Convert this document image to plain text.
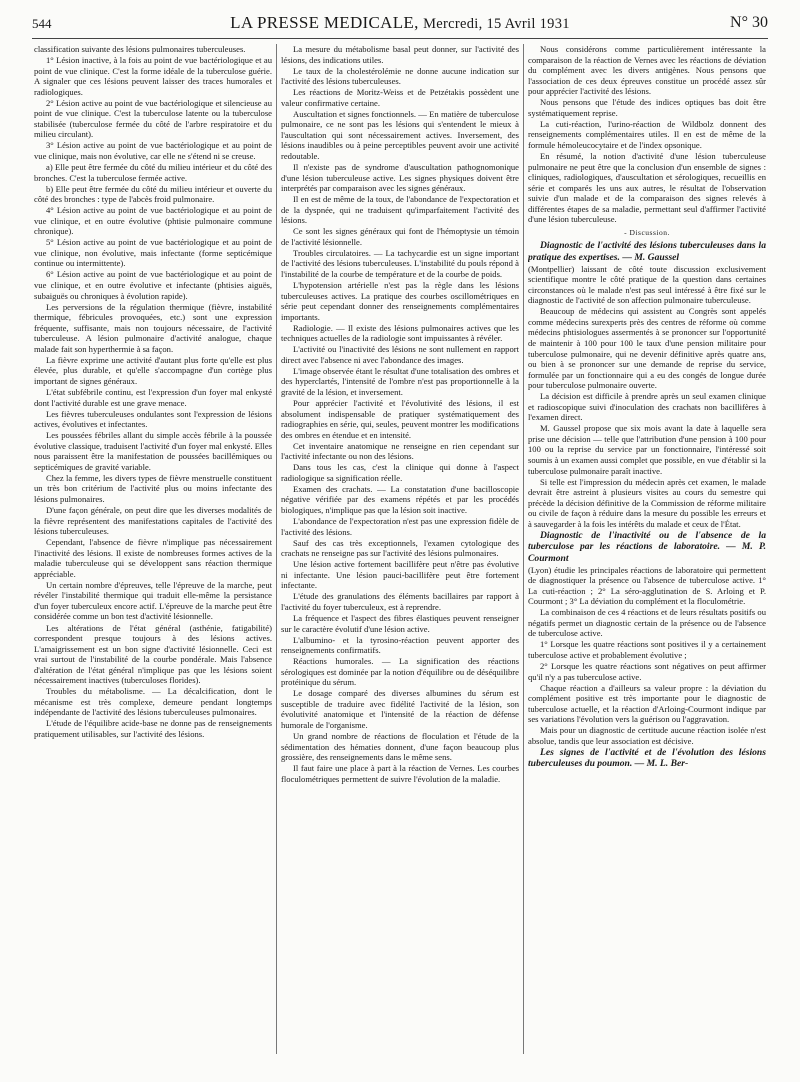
544	LA PRESSE MEDICALE, Mercredi, 15 Avril 1931	N° 30

classification suivante des lésions pulmonaires tuberculeuses.

1° Lésion inactive, à la fois au point de vue bactériologique et au point de vue clinique. C'est la forme idéale de la tuberculose guérie. A signaler que ces lésions peuvent laisser des traces humorales et radiologiques.

2° Lésion active au point de vue bactériologique et silencieuse au point de vue clinique. C'est la tuberculose latente ou la tuberculose stabilisée (tuberculose fermée du côté de l'arbre respiratoire et du milieu circulant).

3° Lésion active au point de vue bactériologique et au point de vue clinique, mais non évolutive, car elle ne s'étend ni se creuse.

a) Elle peut être fermée du côté du milieu intérieur et du côté des bronches. C'est la tuberculose fermée active.

b) Elle peut être fermée du côté du milieu intérieur et ouverte du côté des bronches : type de l'abcès froid pulmonaire.

4° Lésion active au point de vue bactériologique et au point de vue clinique, et en outre évolutive (phtisie pulmonaire commune chronique).

5° Lésion active au point de vue bactériologique et au point de vue clinique, non évolutive, mais infectante (forme septicémique continue ou intermittente).

6° Lésion active au point de vue bactériologique et au point de vue clinique, et en outre évolutive et infectante (phtisies aiguës, subaiguës ou chroniques à évolution rapide).

Les perversions de la régulation thermique (fièvre, instabilité thermique, fébricules provoquées, etc.) sont une expression fréquente, suffisante, mais non toujours nécessaire, de l'activité tuberculeuse. A lésion pulmonaire d'activité analogue, chaque malade fait son hyperthermie à sa façon.

La fièvre exprime une activité d'autant plus forte qu'elle est plus élevée, plus durable, et qu'elle s'accompagne d'un cortège plus important de signes généraux.

L'état subfébrile continu, est l'expression d'un foyer mal enkysté dont l'activité durable est une grave menace.

Les fièvres tuberculeuses ondulantes sont l'expression de lésions actives, évolutives et infectantes.

Les poussées fébriles allant du simple accès fébrile à la poussée évolutive classique, traduisent l'activité d'un foyer mal enkysté. Elles nous paraissent être la manifestation de poussées bacillémiques ou septicémiques de gravité variable.

Chez la femme, les divers types de fièvre menstruelle constituent un très bon critérium de l'activité plus ou moins infectante des lésions pulmonaires.

D'une façon générale, on peut dire que les diverses modalités de la fièvre représentent des manifestations capitales de l'activité des lésions tuberculeuses.

Cependant, l'absence de fièvre n'implique pas nécessairement l'inactivité des lésions. Il existe de nombreuses formes actives de la maladie tuberculeuse qui se développent sans réaction thermique appréciable.

Un certain nombre d'épreuves, telle l'épreuve de la marche, peut révéler l'instabilité thermique qui traduit elle-même la persistance d'un foyer tuberculeux encore actif. L'épreuve de la marche peut être considérée comme un bon test d'activité lésionnelle.

Les altérations de l'état général (asthénie, fatigabilité) correspondent presque toujours à des lésions actives. L'amaigrissement est un bon signe d'activité lésionnelle. Ceci est vrai surtout de l'instabilité de la courbe pondérale. Mais l'absence d'altération de l'état général n'implique pas que les lésions soient nécessairement inactives (tuberculoses florides).

Troubles du métabolisme. — La décalcification, dont le mécanisme est très complexe, demeure pendant longtemps indépendante de l'activité des lésions tuberculeuses pulmonaires.

L'étude de l'équilibre acide-base ne donne pas de renseignements pratiquement utilisables, sur l'activité des lésions.

La mesure du métabolisme basal peut donner, sur l'activité des lésions, des indications utiles.

Le taux de la cholestérolémie ne donne aucune indication sur l'activité des lésions tuberculeuses.

Les réactions de Moritz-Weiss et de Petzétakis possèdent une valeur confirmative certaine.

Auscultation et signes fonctionnels. — En matière de tuberculose pulmonaire, ce ne sont pas les lésions qui s'entendent le mieux à l'auscultation qui sont nécessairement actives. Inversement, des lésions inaudibles ou à peine perceptibles peuvent avoir une activité redoutable.

Il n'existe pas de syndrome d'auscultation pathognomonique d'une lésion tuberculeuse active. Les signes physiques doivent être interprétés par comparaison avec les signes généraux.

Il en est de même de la toux, de l'abondance de l'expectoration et de la dyspnée, qui ne traduisent qu'imparfaitement l'activité des lésions.

Ce sont les signes généraux qui font de l'hémoptysie un témoin de l'activité lésionnelle.

Troubles circulatoires. — La tachycardie est un signe important de l'activité des lésions tuberculeuses. L'instabilité du pouls répond à l'instabilité de la courbe de température et de la courbe de poids.

L'hypotension artérielle n'est pas la règle dans les lésions tuberculeuses actives. La pratique des courbes oscillométriques en série peut cependant donner des renseignements complémentaires importants.

Radiologie. — Il existe des lésions pulmonaires actives que les techniques actuelles de la radiologie sont impuissantes à révéler.

L'activité ou l'inactivité des lésions ne sont nullement en rapport direct avec l'absence ni avec l'abondance des images.

L'image observée étant le résultat d'une totalisation des ombres et des hyperclartés, l'intensité de l'ombre n'est pas proportionnelle à la gravité de la lésion, et inversement.

Pour apprécier l'activité et l'évolutivité des lésions, il est absolument indispensable de pratiquer systématiquement des radiographies en série, qui, seules, peuvent montrer les modifications des ombres en étendue et en intensité.

Cet inventaire anatomique ne renseigne en rien cependant sur l'activité infectante ou non des lésions.

Dans tous les cas, c'est la clinique qui donne à l'aspect radiologique sa signification réelle.

Examen des crachats. — La constatation d'une bacilloscopie négative vérifiée par des examens répétés et par les procédés biologiques, n'implique pas que la lésion soit inactive.

L'abondance de l'expectoration n'est pas une expression fidèle de l'activité des lésions.

Sauf des cas très exceptionnels, l'examen cytologique des crachats ne renseigne pas sur l'activité des lésions pulmonaires.

Une lésion active fortement bacillifère peut n'être pas évolutive ni infectante. Une lésion pauci-bacillifère peut être fortement infectante.

L'étude des granulations des éléments bacillaires par rapport à l'activité du foyer tuberculeux, est à reprendre.

La fréquence et l'aspect des fibres élastiques peuvent renseigner sur le caractère évolutif d'une lésion active.

L'albumino- et la tyrosino-réaction peuvent apporter des renseignements confirmatifs.

Réactions humorales. — La signification des réactions sérologiques est dominée par la notion d'équilibre ou de déséquilibre protéinique du sérum.

Le dosage comparé des diverses albumines du sérum est susceptible de traduire avec fidélité l'activité de la lésion, son évolutivité anatomique et l'intensité de la réaction de défense humorale de l'organisme.

Un grand nombre de réactions de floculation et l'étude de la sédimentation des hématies donnent, d'une façon beaucoup plus grossière, des renseignements dans le même sens.

Il faut faire une place à part à la réaction de Vernes. Les courbes floculométriques permettent de suivre l'évolution de la maladie.

Nous considérons comme particulièrement intéressante la comparaison de la réaction de Vernes avec les réactions de déviation du complément avec les divers antigènes. Nous pensons que l'association de ces deux épreuves constitue un procédé assez sûr pour apprécier l'activité des lésions.

Nous pensons que l'étude des indices optiques bas doit être systématiquement reprise.

La cuti-réaction, l'urino-réaction de Wildbolz donnent des renseignements complémentaires utiles. Il en est de même de la formule hémoleucocytaire et de l'index opsonique.

En résumé, la notion d'activité d'une lésion tuberculeuse pulmonaire ne peut être que la conclusion d'un ensemble de signes : cliniques, radiologiques, d'auscultation et sérologiques, recueillis en série et comparés les uns aux autres, le résultat de l'observation suivie d'un malade et de la comparaison des signes relevés à différentes étapes de sa maladie, permettant seul d'affirmer l'activité d'une lésion tuberculeuse.

- Discussion.

Diagnostic de l'activité des lésions tuberculeuses dans la pratique des expertises. — M. Gaussel

(Montpellier) laissant de côté toute discussion exclusivement scientifique montre le côté pratique de la question dans certaines circonstances où le malade n'est pas seul intéressé à être fixé sur le diagnostic de l'activité de son affection pulmonaire tuberculeuse.

Beaucoup de médecins qui assistent au Congrès sont appelés comme médecins surexperts près des centres de réforme où comme médecins phtisiologues assermentés à se prononcer sur l'opportunité de maintenir à 100 pour 100 le taux d'une pension militaire pour tuberculose pulmonaire, qui ne devenir définitive après quatre ans, ou bien à se prononcer sur une demande de reprise du service, formulée par un fonctionnaire qui a eu des congés de longue durée pour tuberculose pulmonaire ouverte.

La décision est difficile à prendre après un seul examen clinique et radioscopique suivi d'inoculation des crachats non bacillifères à l'examen direct.

M. Gaussel propose que six mois avant la date à laquelle sera prise une décision — telle que l'attribution d'une pension à 100 pour 100 ou la reprise du service par un fonctionnaire, l'intéressé soit soumis à un examen aussi complet que possible, en vue d'établir si la tuberculose pulmonaire paraît inactive.

Si telle est l'impression du médecin après cet examen, le malade devrait être astreint à plusieurs visites au cours du semestre qui précède la décision définitive de la Commission de réforme militaire ou civile de façon à réduire dans la mesure du possible les erreurs et à sauvegarder à la fois les intérêts du malade et ceux de l'État.

Diagnostic de l'inactivité ou de l'absence de la tuberculose par les réactions de laboratoire. — M. P. Courmont

(Lyon) étudie les principales réactions de laboratoire qui permettent de diagnostiquer la présence ou l'absence de tuberculose active. 1° La cuti-réaction ; 2° La séro-agglutination de S. Arloing et P. Courmont ; 3° La déviation du complément et la floculométrie.

La combinaison de ces 4 réactions et de leurs résultats positifs ou négatifs permet un diagnostic certain de la présence ou de l'absence de tuberculose active.

1° Lorsque les quatre réactions sont positives il y a certainement tuberculose active et probablement évolutive ;

2° Lorsque les quatre réactions sont négatives on peut affirmer qu'il n'y a pas tuberculose active.

Chaque réaction a d'ailleurs sa valeur propre : la déviation du complément positive est très importante pour le diagnostic de tuberculose actuelle, et la réaction d'Arloing-Courmont indique par ses variations l'évolution vers la guérison ou l'aggravation.

Mais pour un diagnostic de certitude aucune réaction isolée n'est absolue, tandis que leur association est décisive.

Les signes de l'activité et de l'évolution des lésions tuberculeuses du poumon. — M. L. Ber-
